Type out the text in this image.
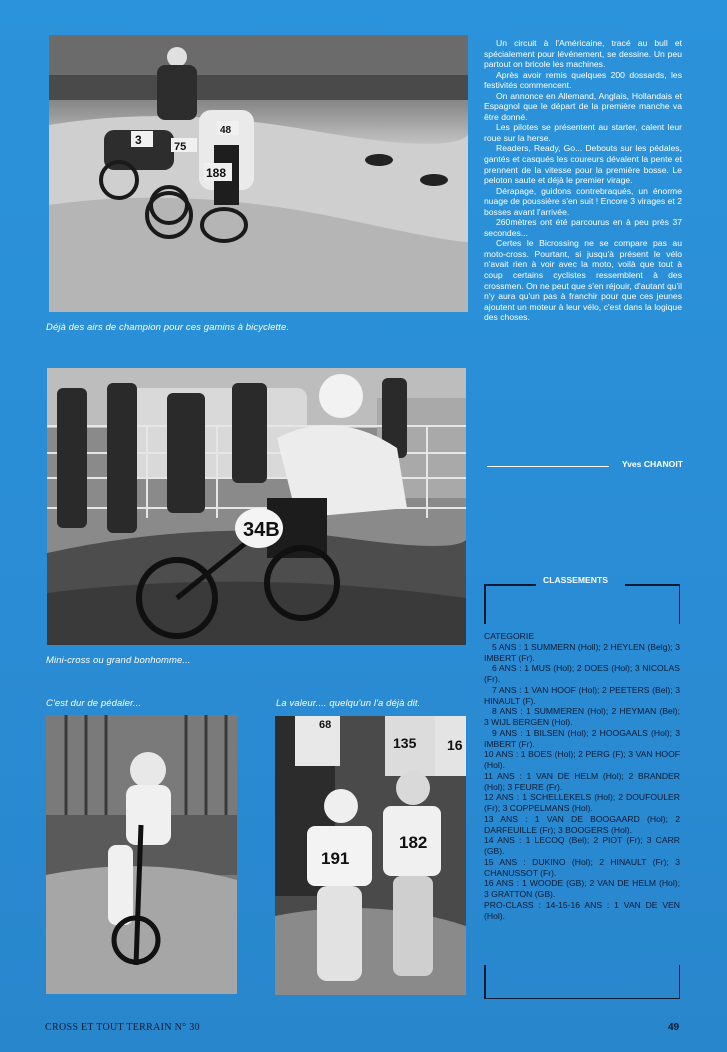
3	75
188
48
Déjà des airs de champion pour ces gamins à bicyclette.
34B
Mini-cross ou grand bonhomme...
C'est dur de pédaler...	La valeur.... quelqu'un l'a déjà dit.
191
182
135
68
16

Un circuit à l'Américaine, tracé au bull et spécialement pour lévénement, se dessine. Un peu partout on bricole les machines.

Après avoir remis quelques 200 dossards, les festivités commencent.

On annonce en Allemand, Anglais, Hollandais et Espagnol que le départ de la première manche va être donné.

Les pilotes se présentent au starter, calent leur roue sur la herse.

Readers, Ready, Go... Debouts sur les pédales, gantés et casqués les coureurs dévalent la pente et prennent de la vitesse pour la première bosse. Le peloton saute et déjà le premier virage.

Dérapage, guidons contrebraqués, un énorme nuage de poussière s'en suit ! Encore 3 virages et 2 bosses avant l'arrivée.

260mètres ont été parcourus en à peu près 37 secondes...

Certes le Bicrossing ne se compare pas au moto-cross. Pourtant, si jusqu'à présent le vélo n'avait rien à voir avec la moto, voilà que tout à coup certains cyclistes ressemblent à des crossmen. On ne peut que s'en réjouir, d'autant qu'il n'y aura qu'un pas à franchir pour que ces jeunes ajoutent un moteur à leur vélo, c'est dans la logique des choses.

Yves CHANOIT
CLASSEMENTS
CATEGORIE
5 ANS : 1 SUMMERN (Holl); 2 HEYLEN (Belg); 3 IMBERT (Fr).
6 ANS : 1 MUS (Hol); 2 DOES (Hol); 3 NICOLAS (Fr).
7 ANS : 1 VAN HOOF (Hol); 2 PEETERS (Bel); 3 HINAULT (F).
8 ANS : 1 SUMMEREN (Hol); 2 HEYMAN (Bel); 3 WIJL BERGEN (Hol).
9 ANS : 1 BILSEN (Hol); 2 HOOGAALS (Hol); 3 IMBERT (Fr).
10 ANS : 1 BOES (Hol); 2 PERG (F); 3 VAN HOOF (Hol).
11 ANS : 1 VAN DE HELM (Hol); 2 BRANDER (Hol); 3 FEURE (Fr).
12 ANS : 1 SCHELLEKELS (Hol); 2 DOUFOULER (Fr); 3 COPPELMANS (Hol).
13 ANS : 1 VAN DE BOOGAARD (Hol); 2 DARFEUILLE (Fr); 3 BOOGERS (Hol).
14 ANS : 1 LECOQ (Bel); 2 PIOT (Fr); 3 CARR (GB).
15 ANS : DUKINO (Hol); 2 HINAULT (Fr); 3 CHANUSSOT (Fr).
16 ANS : 1 WOODE (GB); 2 VAN DE HELM (Hol); 3 GRATTON (GB).
PRO-CLASS : 14-15-16 ANS : 1 VAN DE VEN (Hol).
CROSS ET TOUT TERRAIN N° 30	49
